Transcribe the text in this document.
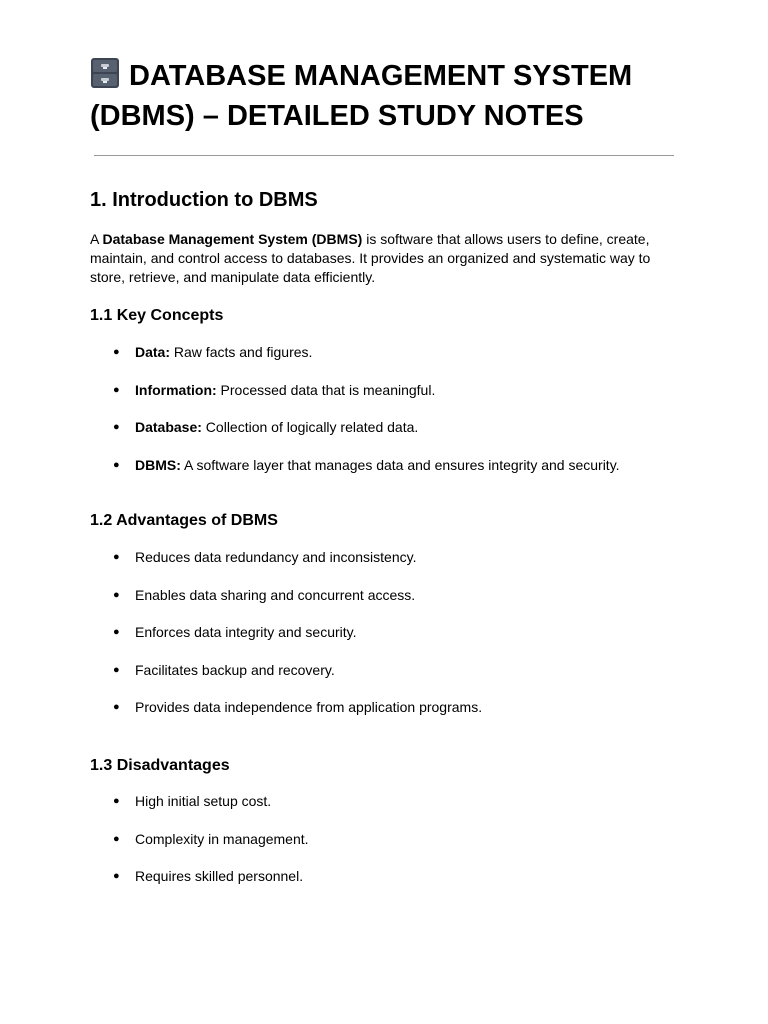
DATABASE MANAGEMENT SYSTEM (DBMS) – DETAILED STUDY NOTES
1. Introduction to DBMS

A Database Management System (DBMS) is software that allows users to define, create, maintain, and control access to databases. It provides an organized and systematic way to store, retrieve, and manipulate data efficiently.

1.1 Key Concepts
● Data: Raw facts and figures.
● Information: Processed data that is meaningful.
● Database: Collection of logically related data.
● DBMS: A software layer that manages data and ensures integrity and security.
1.2 Advantages of DBMS
● Reduces data redundancy and inconsistency.
● Enables data sharing and concurrent access.
● Enforces data integrity and security.
● Facilitates backup and recovery.
● Provides data independence from application programs.
1.3 Disadvantages
● High initial setup cost.
● Complexity in management.
● Requires skilled personnel.
